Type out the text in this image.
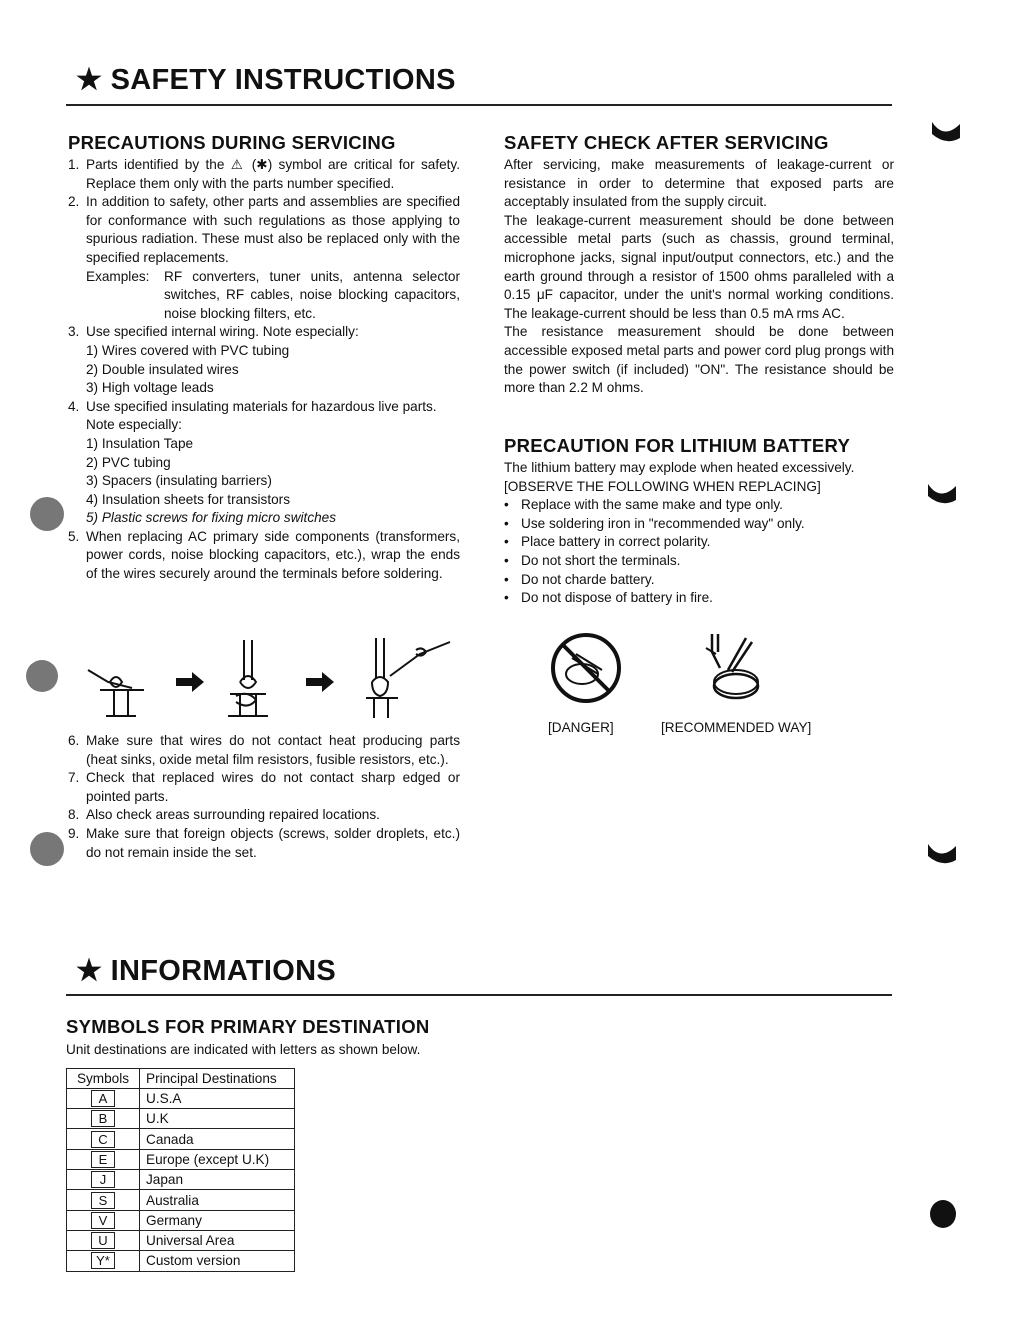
★ SAFETY INSTRUCTIONS
PRECAUTIONS DURING SERVICING
1. Parts identified by the ⚠ (✱) symbol are critical for safety. Replace them only with the parts number specified.
2. In addition to safety, other parts and assemblies are specified for conformance with such regulations as those applying to spurious radiation. These must also be replaced only with the specified replacements.
Examples:	RF converters, tuner units, antenna selector switches, RF cables, noise blocking capacitors, noise blocking filters, etc.
3. Use specified internal wiring. Note especially:
1) Wires covered with PVC tubing
2) Double insulated wires
3) High voltage leads
4. Use specified insulating materials for hazardous live parts.
Note especially:
1) Insulation Tape
2) PVC tubing
3) Spacers (insulating barriers)
4) Insulation sheets for transistors
5) Plastic screws for fixing micro switches
5. When replacing AC primary side components (transformers, power cords, noise blocking capacitors, etc.), wrap the ends of the wires securely around the terminals before soldering.
6. Make sure that wires do not contact heat producing parts (heat sinks, oxide metal film resistors, fusible resistors, etc.).
7. Check that replaced wires do not contact sharp edged or pointed parts.
8. Also check areas surrounding repaired locations.
9. Make sure that foreign objects (screws, solder droplets, etc.) do not remain inside the set.
SAFETY CHECK AFTER SERVICING
After servicing, make measurements of leakage-current or resistance in order to determine that exposed parts are acceptably insulated from the supply circuit.
The leakage-current measurement should be done between accessible metal parts (such as chassis, ground terminal, microphone jacks, signal input/output connectors, etc.) and the earth ground through a resistor of 1500 ohms paralleled with a 0.15 μF capacitor, under the unit's normal working conditions. The leakage-current should be less than 0.5 mA rms AC.
The resistance measurement should be done between accessible exposed metal parts and power cord plug prongs with the power switch (if included) "ON". The resistance should be more than 2.2 M ohms.
PRECAUTION FOR LITHIUM BATTERY
The lithium battery may explode when heated excessively.
[OBSERVE THE FOLLOWING WHEN REPLACING]
• Replace with the same make and type only.
• Use soldering iron in "recommended way" only.
• Place battery in correct polarity.
• Do not short the terminals.
• Do not charde battery.
• Do not dispose of battery in fire.
[DANGER]	[RECOMMENDED WAY]
★ INFORMATIONS
SYMBOLS FOR PRIMARY DESTINATION
Unit destinations are indicated with letters as shown below.
Symbols	Principal Destinations
A	U.S.A
B	U.K
C	Canada
E	Europe (except U.K)
J	Japan
S	Australia
V	Germany
U	Universal Area
Y*	Custom version
